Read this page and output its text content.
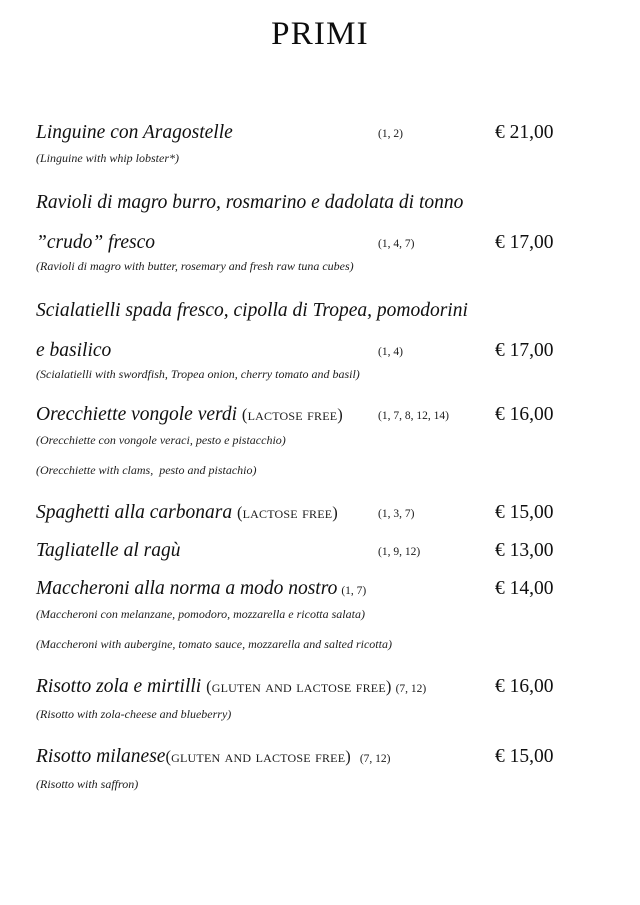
PRIMI
Linguine con Aragostelle	(1, 2)	€ 21,00
(Linguine with whip lobster*)
Ravioli di magro burro, rosmarino e dadolata di tonno
”crudo” fresco	(1, 4, 7)	€ 17,00
(Ravioli di magro with butter, rosemary and fresh raw tuna cubes)
Scialatielli spada fresco, cipolla di Tropea, pomodorini
e basilico	(1, 4)	€ 17,00
(Scialatielli with swordfish, Tropea onion, cherry tomato and basil)
Orecchiette vongole verdi (lactose free)	(1, 7, 8, 12, 14) € 16,00
(Orecchiette con vongole veraci, pesto e pistacchio)
(Orecchiette with clams,  pesto and pistachio)
Spaghetti alla carbonara (lactose free)	(1, 3, 7)	€ 15,00
Tagliatelle al ragù	(1, 9, 12)	€ 13,00
Maccheroni alla norma a modo nostro (1, 7)	€ 14,00
(Maccheroni con melanzane, pomodoro, mozzarella e ricotta salata)
(Maccheroni with aubergine, tomato sauce, mozzarella and salted ricotta)
Risotto zola e mirtilli (gluten and lactose free) (7, 12)	€ 16,00
(Risotto with zola-cheese and blueberry)
Risotto milanese(gluten and lactose free) (7, 12)	€ 15,00
(Risotto with saffron)
